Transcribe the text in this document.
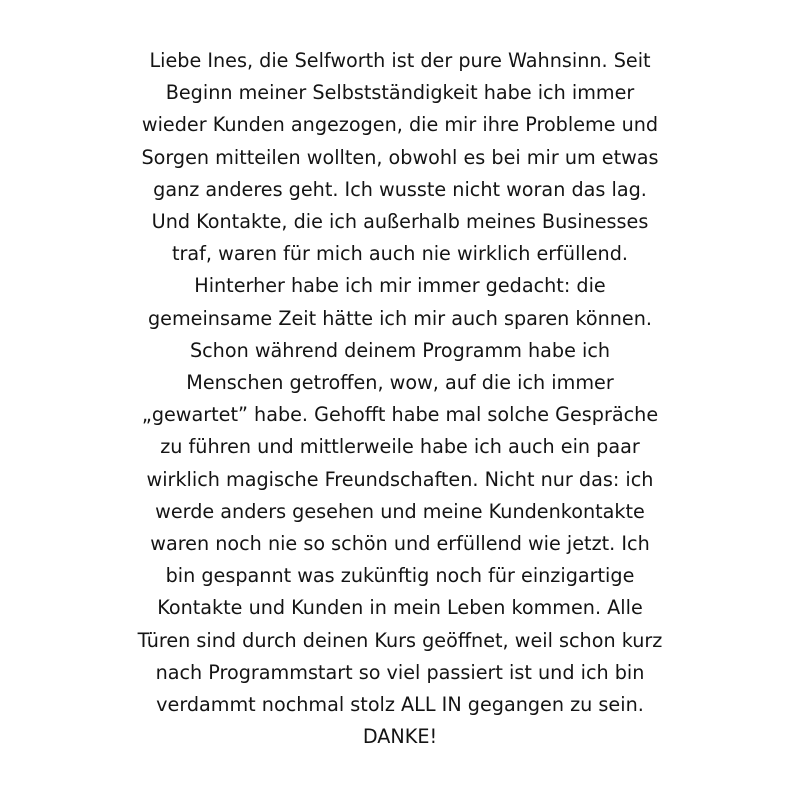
Liebe Ines, die Selfworth ist der pure Wahnsinn. Seit
Beginn meiner Selbstständigkeit habe ich immer
wieder Kunden angezogen, die mir ihre Probleme und
Sorgen mitteilen wollten, obwohl es bei mir um etwas
ganz anderes geht. Ich wusste nicht woran das lag.
Und Kontakte, die ich außerhalb meines Businesses
traf, waren für mich auch nie wirklich erfüllend.
Hinterher habe ich mir immer gedacht: die
gemeinsame Zeit hätte ich mir auch sparen können.
Schon während deinem Programm habe ich
Menschen getroffen, wow, auf die ich immer
„gewartet” habe. Gehofft habe mal solche Gespräche
zu führen und mittlerweile habe ich auch ein paar
wirklich magische Freundschaften. Nicht nur das: ich
werde anders gesehen und meine Kundenkontakte
waren noch nie so schön und erfüllend wie jetzt. Ich
bin gespannt was zukünftig noch für einzigartige
Kontakte und Kunden in mein Leben kommen. Alle
Türen sind durch deinen Kurs geöffnet, weil schon kurz
nach Programmstart so viel passiert ist und ich bin
verdammt nochmal stolz ALL IN gegangen zu sein.
DANKE!
